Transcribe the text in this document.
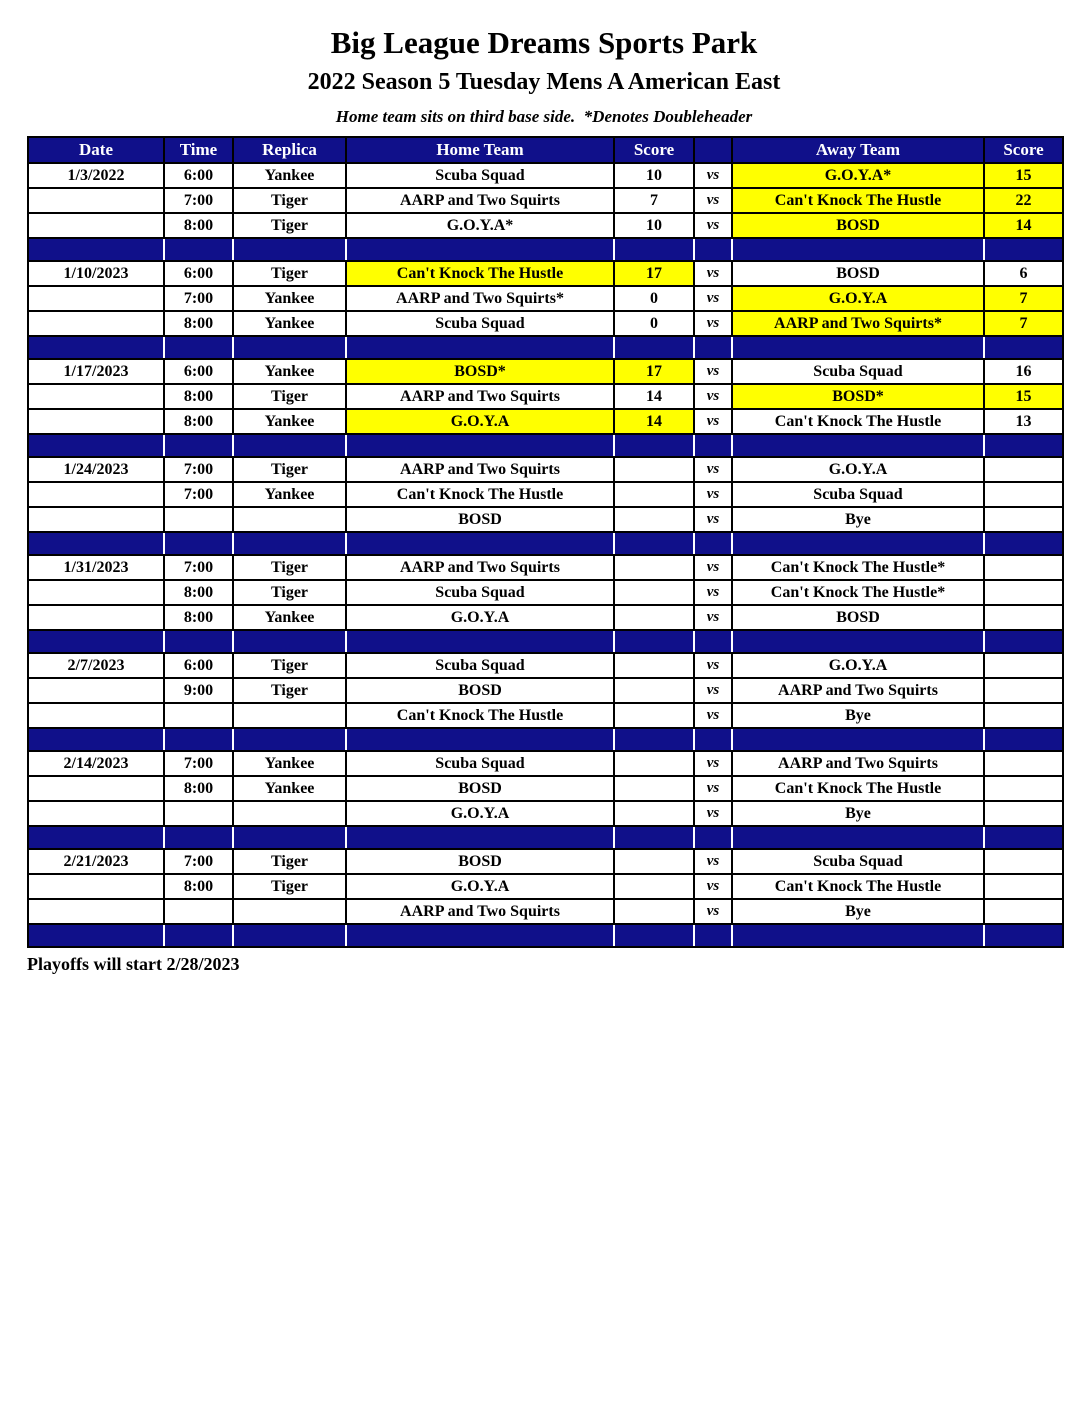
Big League Dreams Sports Park
2022 Season 5 Tuesday Mens A American East
Home team sits on third base side.  *Denotes Doubleheader
Date	Time	Replica	Home Team	Score		Away Team	Score
1/3/2022	6:00	Yankee	Scuba Squad	10	vs	G.O.Y.A*	15
	7:00	Tiger	AARP and Two Squirts	7	vs	Can't Knock The Hustle	22
	8:00	Tiger	G.O.Y.A*	10	vs	BOSD	14

1/10/2023	6:00	Tiger	Can't Knock The Hustle	17	vs	BOSD	6
	7:00	Yankee	AARP and Two Squirts*	0	vs	G.O.Y.A	7
	8:00	Yankee	Scuba Squad	0	vs	AARP and Two Squirts*	7

1/17/2023	6:00	Yankee	BOSD*	17	vs	Scuba Squad	16
	8:00	Tiger	AARP and Two Squirts	14	vs	BOSD*	15
	8:00	Yankee	G.O.Y.A	14	vs	Can't Knock The Hustle	13

1/24/2023	7:00	Tiger	AARP and Two Squirts		vs	G.O.Y.A	
	7:00	Yankee	Can't Knock The Hustle		vs	Scuba Squad	
			BOSD		vs	Bye	

1/31/2023	7:00	Tiger	AARP and Two Squirts		vs	Can't Knock The Hustle*	
	8:00	Tiger	Scuba Squad		vs	Can't Knock The Hustle*	
	8:00	Yankee	G.O.Y.A		vs	BOSD	

2/7/2023	6:00	Tiger	Scuba Squad		vs	G.O.Y.A	
	9:00	Tiger	BOSD		vs	AARP and Two Squirts	
			Can't Knock The Hustle		vs	Bye	

2/14/2023	7:00	Yankee	Scuba Squad		vs	AARP and Two Squirts	
	8:00	Yankee	BOSD		vs	Can't Knock The Hustle	
			G.O.Y.A		vs	Bye	

2/21/2023	7:00	Tiger	BOSD		vs	Scuba Squad	
	8:00	Tiger	G.O.Y.A		vs	Can't Knock The Hustle	
			AARP and Two Squirts		vs	Bye	

Playoffs will start 2/28/2023
